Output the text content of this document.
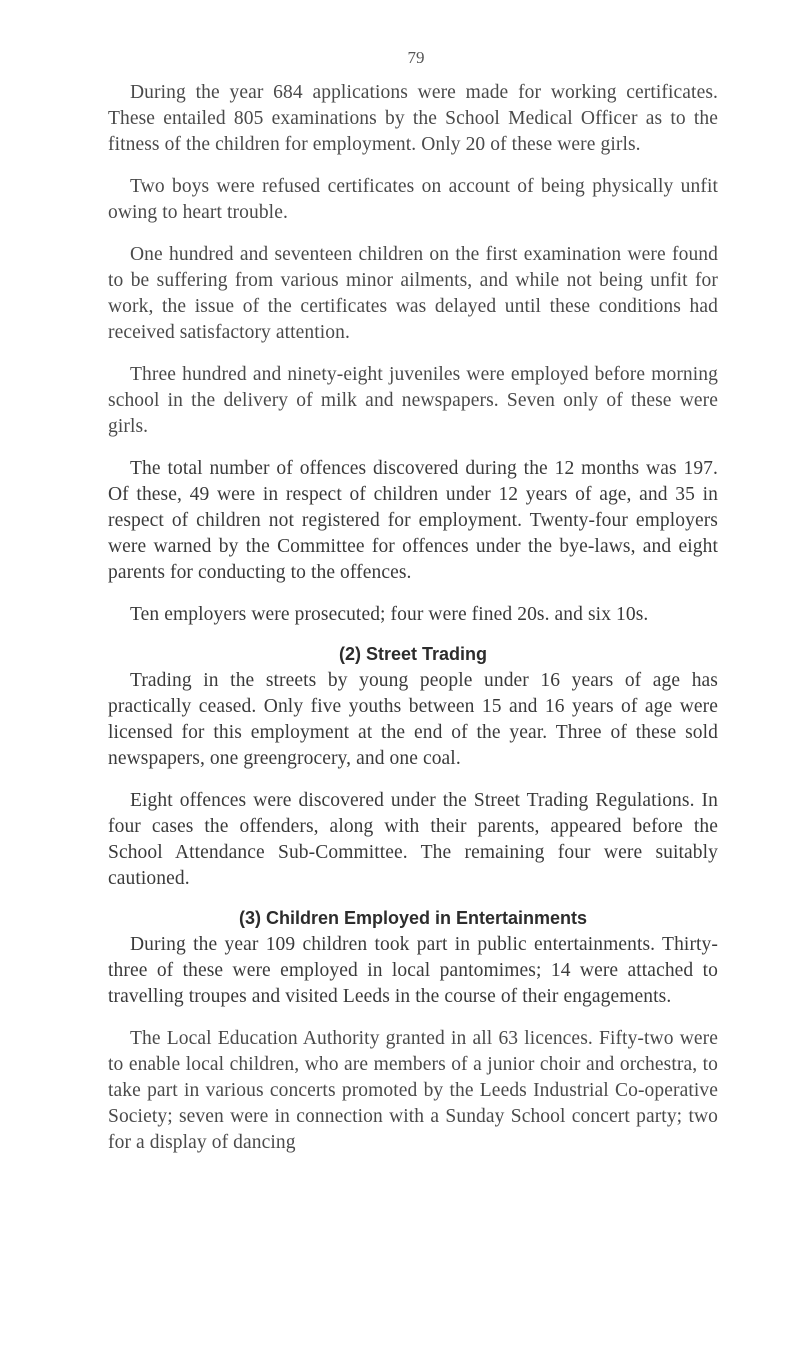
79

During the year 684 applications were made for working certificates. These entailed 805 examinations by the School Medical Officer as to the fitness of the children for employment. Only 20 of these were girls.

Two boys were refused certificates on account of being physically unfit owing to heart trouble.

One hundred and seventeen children on the first examination were found to be suffering from various minor ailments, and while not being unfit for work, the issue of the certificates was delayed until these conditions had received satisfactory attention.

Three hundred and ninety-eight juveniles were employed before morning school in the delivery of milk and newspapers. Seven only of these were girls.

The total number of offences discovered during the 12 months was 197. Of these, 49 were in respect of children under 12 years of age, and 35 in respect of children not registered for employment. Twenty-four employers were warned by the Committee for offences under the bye-laws, and eight parents for conducting to the offences.

Ten employers were prosecuted; four were fined 20s. and six 10s.

(2) Street Trading

Trading in the streets by young people under 16 years of age has practically ceased. Only five youths between 15 and 16 years of age were licensed for this employment at the end of the year. Three of these sold newspapers, one greengrocery, and one coal.

Eight offences were discovered under the Street Trading Regulations. In four cases the offenders, along with their parents, appeared before the School Attendance Sub-Committee. The remaining four were suitably cautioned.

(3) Children Employed in Entertainments

During the year 109 children took part in public entertainments. Thirty-three of these were employed in local pantomimes; 14 were attached to travelling troupes and visited Leeds in the course of their engagements.

The Local Education Authority granted in all 63 licences. Fifty-two were to enable local children, who are members of a junior choir and orchestra, to take part in various concerts promoted by the Leeds Industrial Co-operative Society; seven were in connection with a Sunday School concert party; two for a display of dancing
